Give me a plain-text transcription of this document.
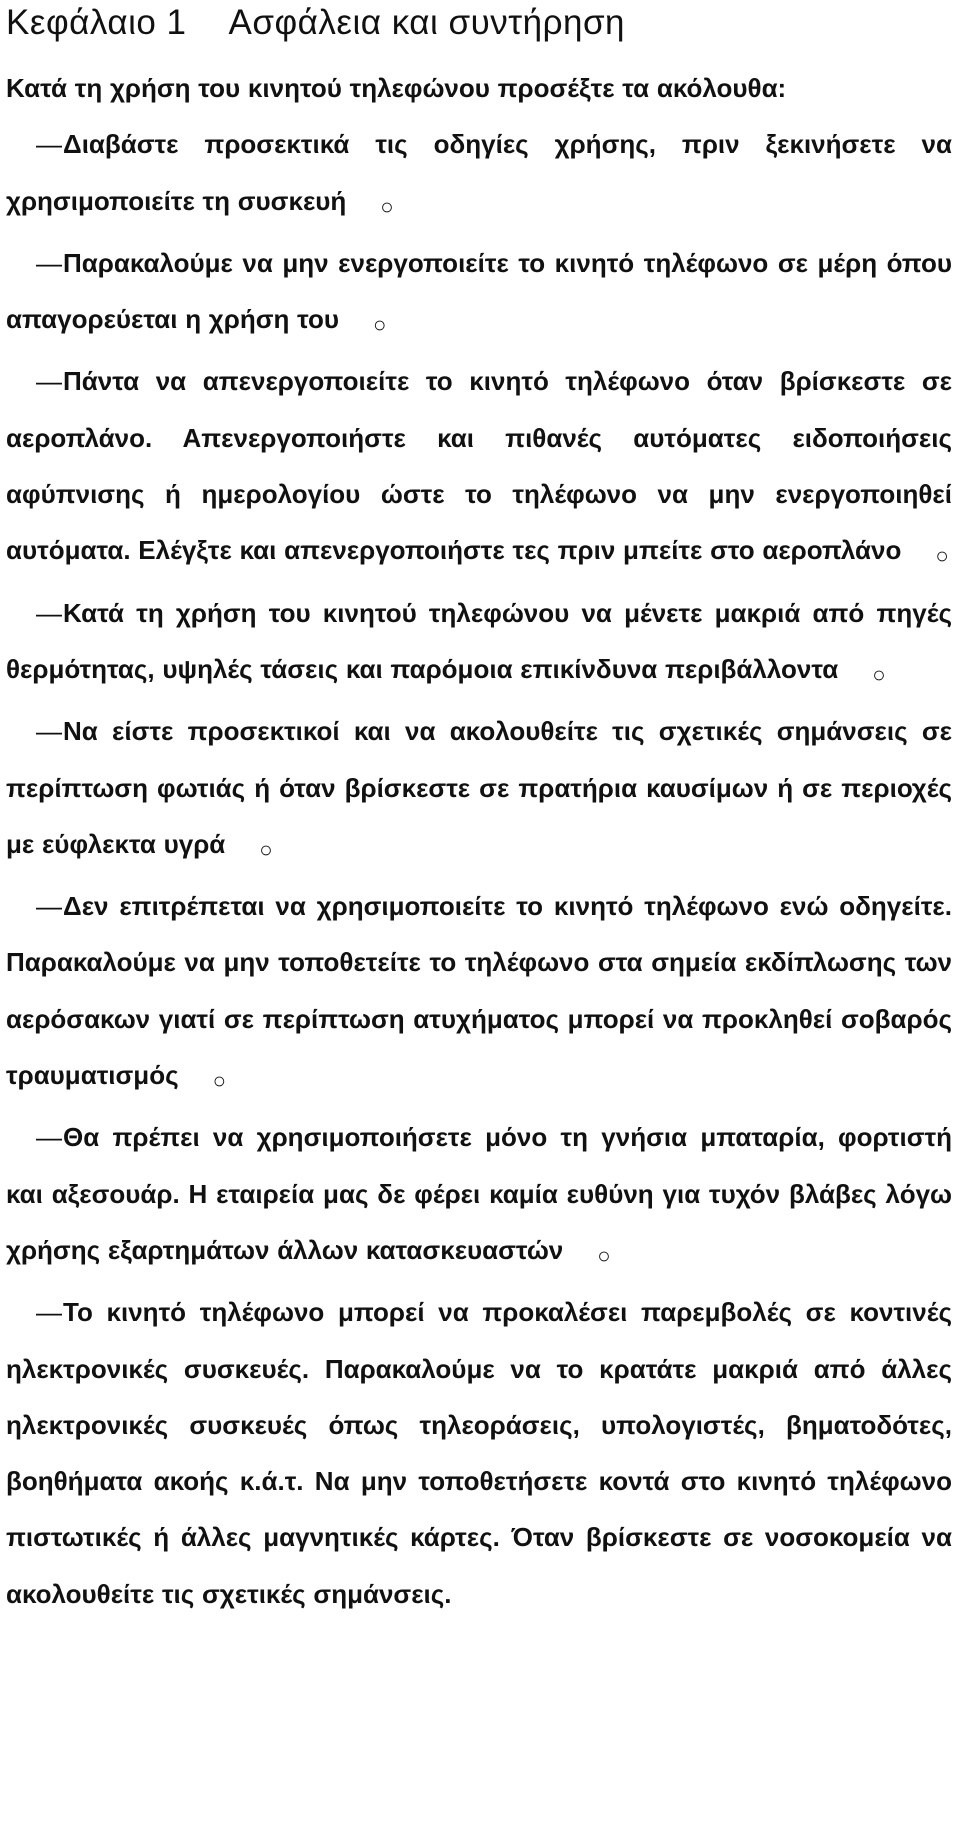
Κεφάλαιο 1 Ασφάλεια και συντήρηση

Κατά τη χρήση του κινητού τηλεφώνου προσέξτε τα ακόλουθα:

—Διαβάστε προσεκτικά τις οδηγίες χρήσης, πριν ξεκινήσετε να χρησιμοποιείτε τη συσκευή ○

—Παρακαλούμε να μην ενεργοποιείτε το κινητό τηλέφωνο σε μέρη όπου απαγορεύεται η χρήση του ○

—Πάντα να απενεργοποιείτε το κινητό τηλέφωνο όταν βρίσκεστε σε αεροπλάνο. Απενεργοποιήστε και πιθανές αυτόματες ειδοποιήσεις αφύπνισης ή ημερολογίου ώστε το τηλέφωνο να μην ενεργοποιηθεί αυτόματα. Ελέγξτε και απενεργοποιήστε τες πριν μπείτε στο αεροπλάνο ○

—Κατά τη χρήση του κινητού τηλεφώνου να μένετε μακριά από πηγές θερμότητας, υψηλές τάσεις και παρόμοια επικίνδυνα περιβάλλοντα ○

—Να είστε προσεκτικοί και να ακολουθείτε τις σχετικές σημάνσεις σε περίπτωση φωτιάς ή όταν βρίσκεστε σε πρατήρια καυσίμων ή σε περιοχές με εύφλεκτα υγρά ○

—Δεν επιτρέπεται να χρησιμοποιείτε το κινητό τηλέφωνο ενώ οδηγείτε. Παρακαλούμε να μην τοποθετείτε το τηλέφωνο στα σημεία εκδίπλωσης των αερόσακων γιατί σε περίπτωση ατυχήματος μπορεί να προκληθεί σοβαρός τραυματισμός ○

—Θα πρέπει να χρησιμοποιήσετε μόνο τη γνήσια μπαταρία, φορτιστή και αξεσουάρ. Η εταιρεία μας δε φέρει καμία ευθύνη για τυχόν βλάβες λόγω χρήσης εξαρτημάτων άλλων κατασκευαστών ○

—Το κινητό τηλέφωνο μπορεί να προκαλέσει παρεμβολές σε κοντινές ηλεκτρονικές συσκευές. Παρακαλούμε να το κρατάτε μακριά από άλλες ηλεκτρονικές συσκευές όπως τηλεοράσεις, υπολογιστές, βηματοδότες, βοηθήματα ακοής κ.ά.τ. Να μην τοποθετήσετε κοντά στο κινητό τηλέφωνο πιστωτικές ή άλλες μαγνητικές κάρτες. Όταν βρίσκεστε σε νοσοκομεία να ακολουθείτε τις σχετικές σημάνσεις.
